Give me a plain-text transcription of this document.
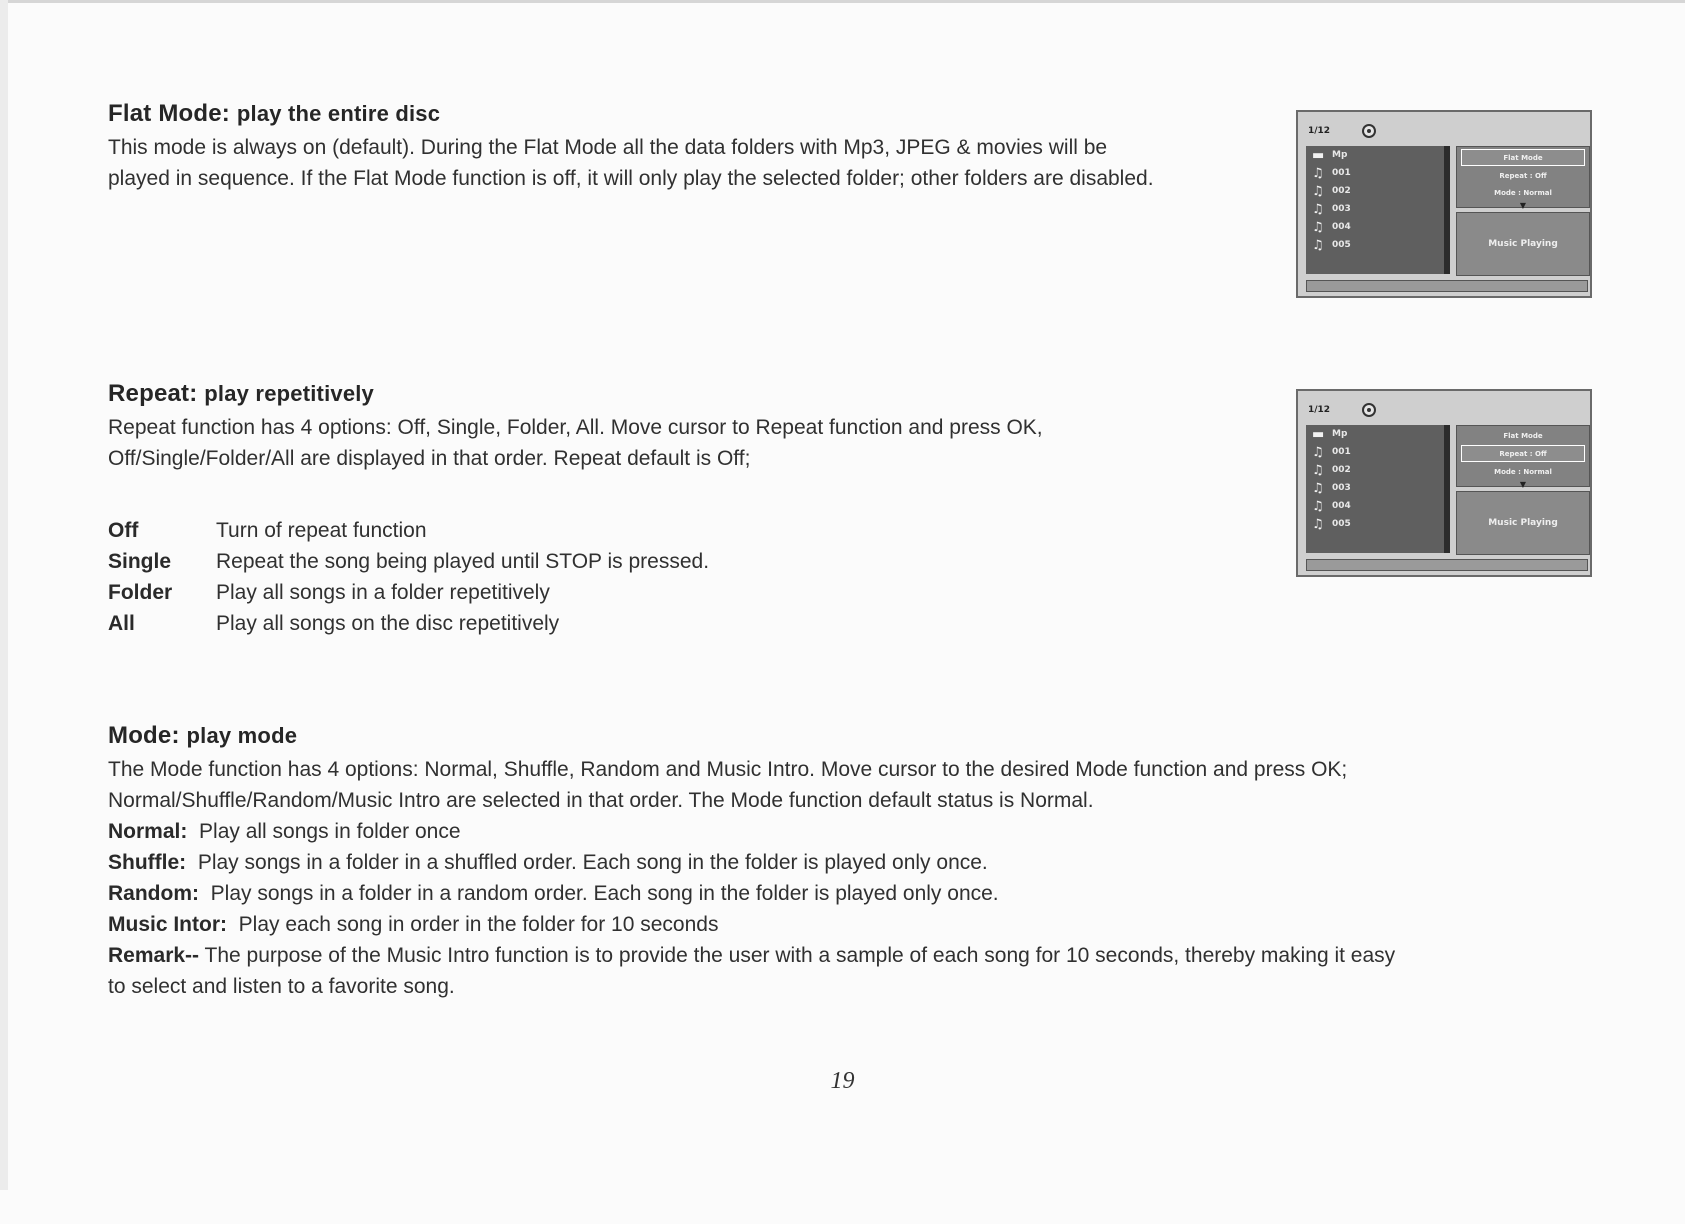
Flat Mode: play the entire disc

This mode is always on (default). During the Flat Mode all the data folders with Mp3, JPEG & movies will be
played in sequence. If the Flat Mode function is off, it will only play the selected folder; other folders are disabled.

Repeat: play repetitively

Repeat function has 4 options: Off, Single, Folder, All. Move cursor to Repeat function and press OK,
Off/Single/Folder/All are displayed in that order. Repeat default is Off;

Off	Turn of repeat function
Single	Repeat the song being played until STOP is pressed.
Folder	Play all songs in a folder repetitively
All	Play all songs on the disc repetitively

Mode: play mode

The Mode function has 4 options: Normal, Shuffle, Random and Music Intro. Move cursor to the desired Mode function and press OK;

Normal/Shuffle/Random/Music Intro are selected in that order. The Mode function default status is Normal.

Normal: Play all songs in folder once

Shuffle: Play songs in a folder in a shuffled order. Each song in the folder is played only once.

Random: Play songs in a folder in a random order. Each song in the folder is played only once.

Music Intor: Play each song in order in the folder for 10 seconds

Remark-- The purpose of the Music Intro function is to provide the user with a sample of each song for 10 seconds, thereby making it easy

to select and listen to a favorite song.

19
1/12
▬ Mp
♫ 001
♫ 002
♫ 003
♫ 004
♫ 005
Flat Mode
Repeat : Off
Mode : Normal
▼
Music Playing
1/12
▬ Mp
♫ 001
♫ 002
♫ 003
♫ 004
♫ 005
Flat Mode
Repeat : Off
Mode : Normal
▼
Music Playing
